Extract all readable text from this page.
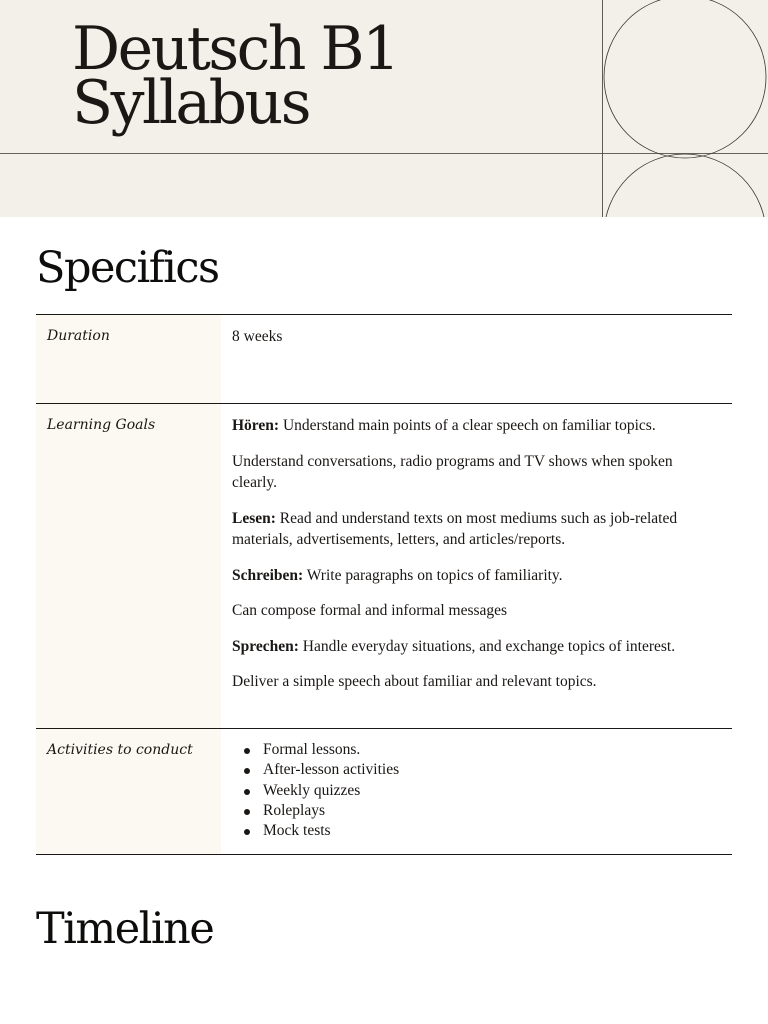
Deutsch B1
Syllabus
Specifics
Duration	8 weeks
Learning Goals	Hören: Understand main points of a clear speech on familiar topics.

Understand conversations, radio programs and TV shows when spoken clearly.

Lesen: Read and understand texts on most mediums such as job-related materials, advertisements, letters, and articles/reports.

Schreiben: Write paragraphs on topics of familiarity.

Can compose formal and informal messages

Sprechen: Handle everyday situations, and exchange topics of interest.

Deliver a simple speech about familiar and relevant topics.

Activities to conduct	Formal lessons.
After-lesson activities
Weekly quizzes
Roleplays
Mock tests
Timeline
